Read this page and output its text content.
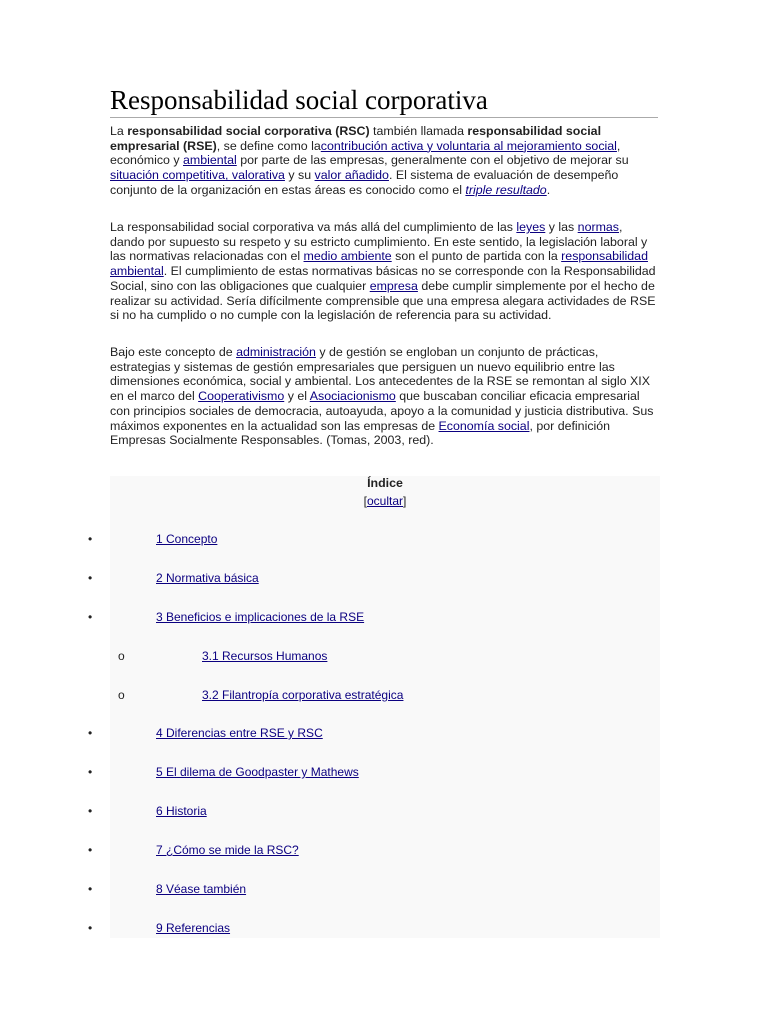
Responsabilidad social corporativa

La responsabilidad social corporativa (RSC) también llamada responsabilidad social empresarial (RSE), se define como lacontribución activa y voluntaria al mejoramiento social, económico y ambiental por parte de las empresas, generalmente con el objetivo de mejorar su situación competitiva, valorativa y su valor añadido. El sistema de evaluación de desempeño conjunto de la organización en estas áreas es conocido como el triple resultado.

La responsabilidad social corporativa va más allá del cumplimiento de las leyes y las normas, dando por supuesto su respeto y su estricto cumplimiento. En este sentido, la legislación laboral y las normativas relacionadas con el medio ambiente son el punto de partida con la responsabilidad ambiental. El cumplimiento de estas normativas básicas no se corresponde con la Responsabilidad Social, sino con las obligaciones que cualquier empresa debe cumplir simplemente por el hecho de realizar su actividad. Sería difícilmente comprensible que una empresa alegara actividades de RSE si no ha cumplido o no cumple con la legislación de referencia para su actividad.

Bajo este concepto de administración y de gestión se engloban un conjunto de prácticas, estrategias y sistemas de gestión empresariales que persiguen un nuevo equilibrio entre las dimensiones económica, social y ambiental. Los antecedentes de la RSE se remontan al siglo XIX en el marco del Cooperativismo y el Asociacionismo que buscaban conciliar eficacia empresarial con principios sociales de democracia, autoayuda, apoyo a la comunidad y justicia distributiva. Sus máximos exponentes en la actualidad son las empresas de Economía social, por definición Empresas Socialmente Responsables. (Tomas, 2003, red).

Índice
[ocultar]
•	1 Concepto
•	2 Normativa básica
•	3 Beneficios e implicaciones de la RSE
o	3.1 Recursos Humanos
o	3.2 Filantropía corporativa estratégica
•	4 Diferencias entre RSE y RSC
•	5 El dilema de Goodpaster y Mathews
•	6 Historia
•	7 ¿Cómo se mide la RSC?
•	8 Véase también
•	9 Referencias
